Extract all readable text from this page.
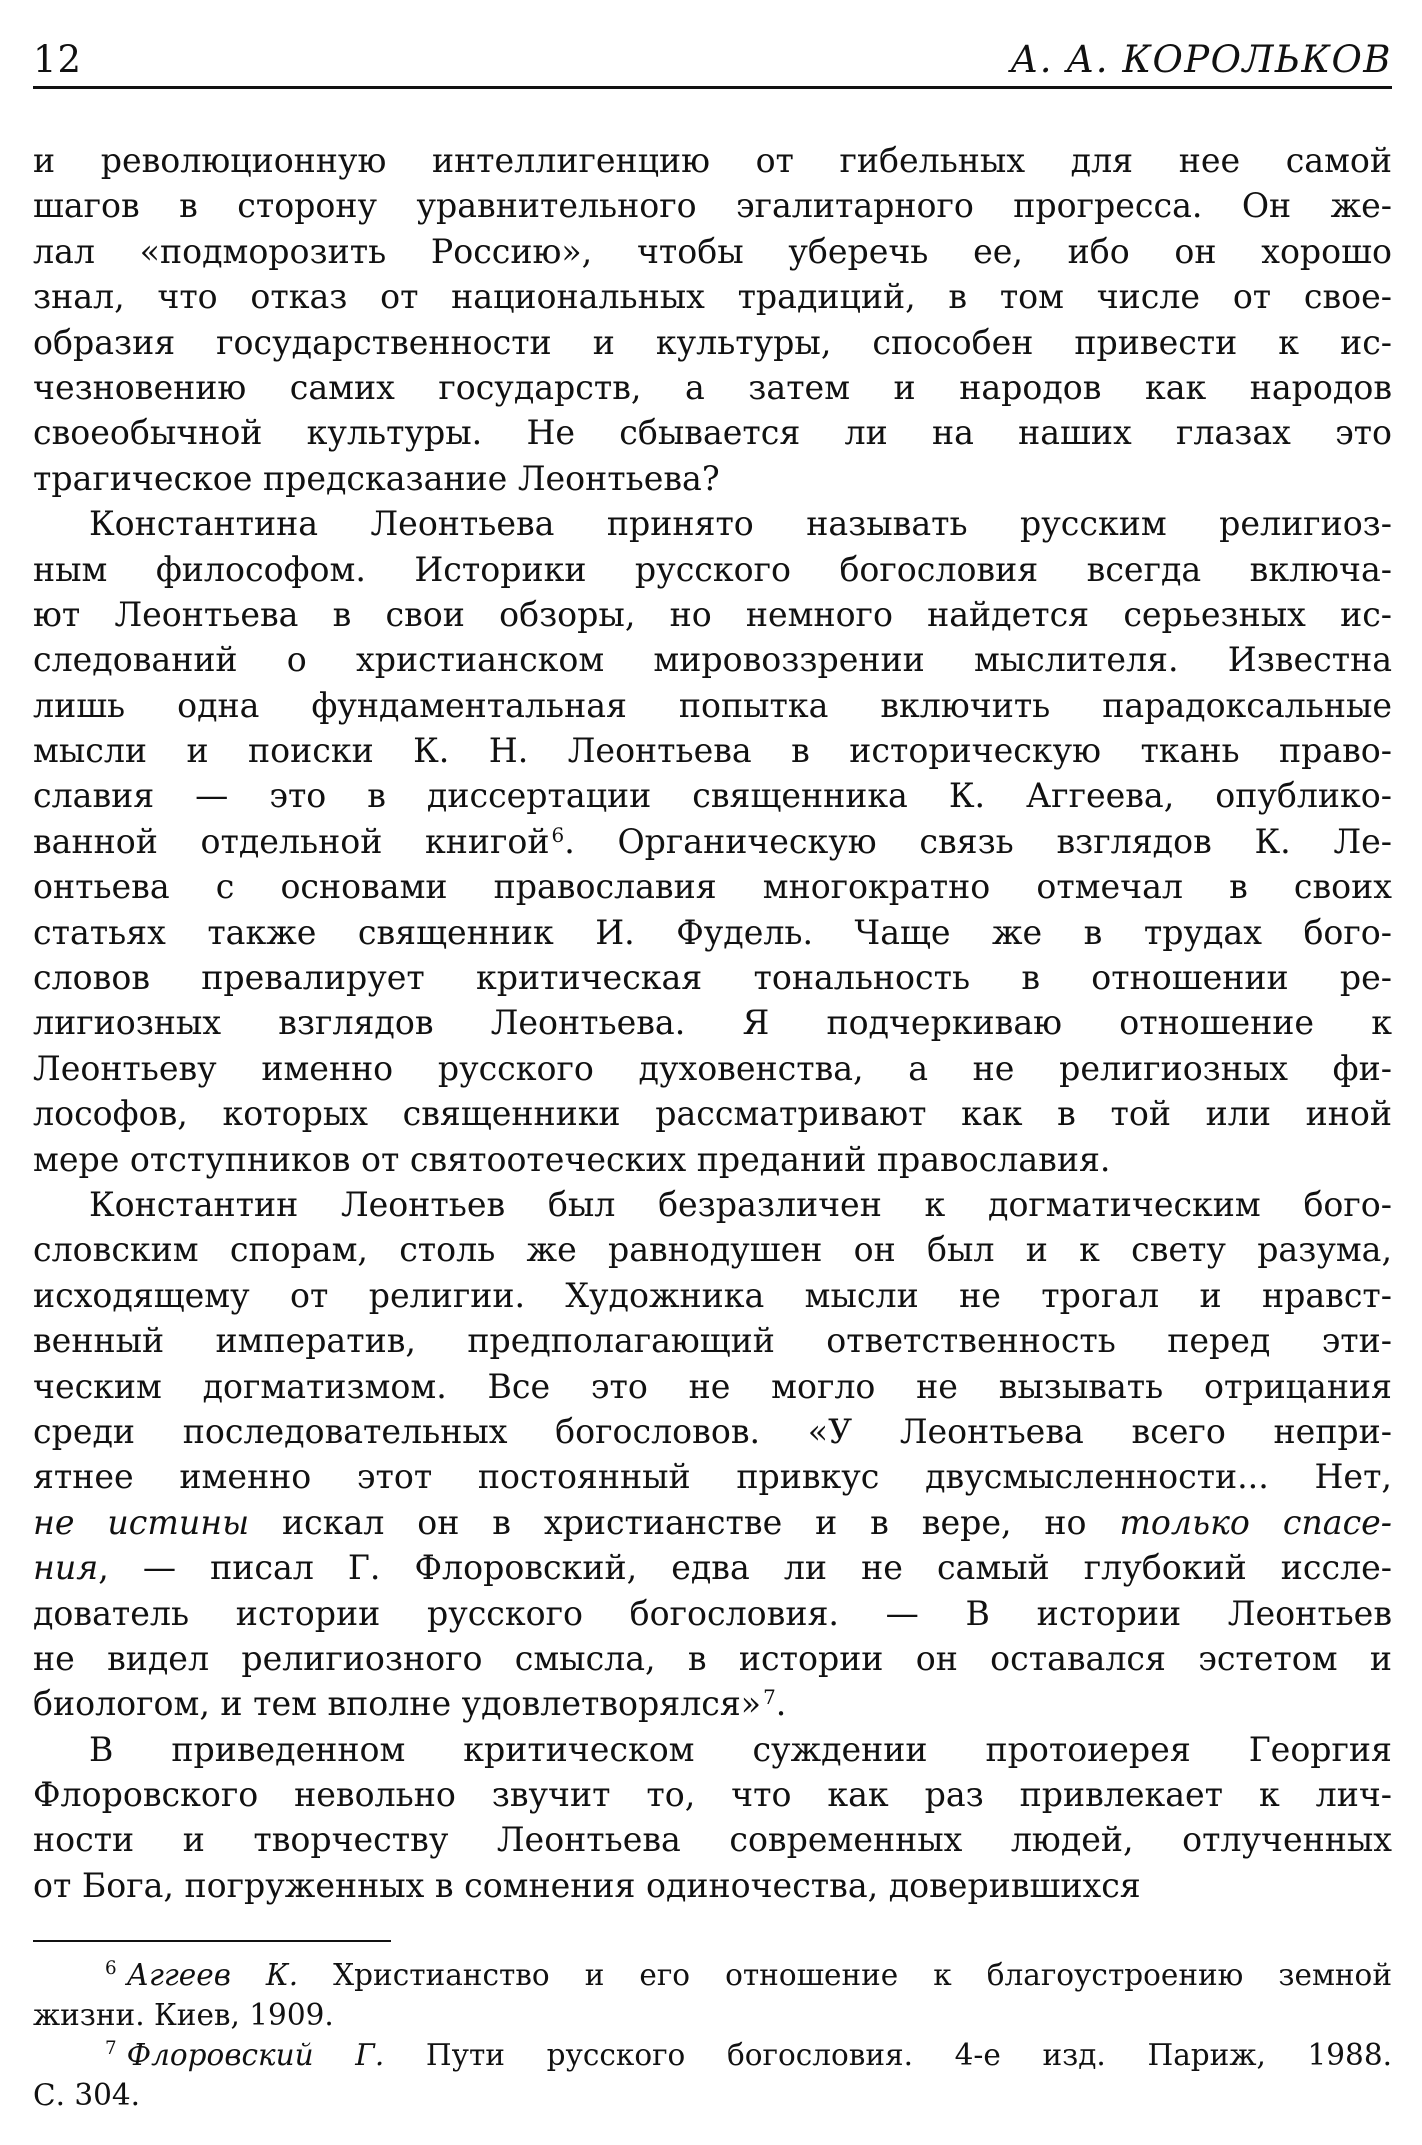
12	А. А. КОРОЛЬКОВ
и революционную интеллигенцию от гибельных для нее самой
шагов в сторону уравнительного эгалитарного прогресса. Он же-
лал «подморозить Россию», чтобы уберечь ее, ибо он хорошо
знал, что отказ от национальных традиций, в том числе от свое-
образия государственности и культуры, способен привести к ис-
чезновению самих государств, а затем и народов как народов
своеобычной культуры. Не сбывается ли на наших глазах это
трагическое предсказание Леонтьева?
Константина Леонтьева принято называть русским религиоз-
ным философом. Историки русского богословия всегда включа-
ют Леонтьева в свои обзоры, но немного найдется серьезных ис-
следований о христианском мировоззрении мыслителя. Известна
лишь одна фундаментальная попытка включить парадоксальные
мысли и поиски К. Н. Леонтьева в историческую ткань право-
славия — это в диссертации священника К. Аггеева, опублико-
ванной отдельной книгой $^6$. Органическую связь взглядов К. Ле-
онтьева с основами православия многократно отмечал в своих
статьях также священник И. Фудель. Чаще же в трудах бого-
словов превалирует критическая тональность в отношении ре-
лигиозных взглядов Леонтьева. Я подчеркиваю отношение к
Леонтьеву именно русского духовенства, а не религиозных фи-
лософов, которых священники рассматривают как в той или иной
мере отступников от святоотеческих преданий православия.
Константин Леонтьев был безразличен к догматическим бого-
словским спорам, столь же равнодушен он был и к свету разума,
исходящему от религии. Художника мысли не трогал и нравст-
венный императив, предполагающий ответственность перед эти-
ческим догматизмом. Все это не могло не вызывать отрицания
среди последовательных богословов. «У Леонтьева всего непри-
ятнее именно этот постоянный привкус двусмысленности... Нет,
не истины искал он в христианстве и в вере, но только спасе-
ния, — писал Г. Флоровский, едва ли не самый глубокий иссле-
дователь истории русского богословия. — В истории Леонтьев
не видел религиозного смысла, в истории он оставался эстетом и
биологом, и тем вполне удовлетворялся» $^7$.
В приведенном критическом суждении протоиерея Георгия
Флоровского невольно звучит то, что как раз привлекает к лич-
ности и творчеству Леонтьева современных людей, отлученных
от Бога, погруженных в сомнения одиночества, доверившихся
$^6$ Аггеев К. Христианство и его отношение к благоустроению земной
жизни. Киев, 1909.
$^7$ Флоровский Г. Пути русского богословия. 4-е изд. Париж, 1988.
С. 304.
